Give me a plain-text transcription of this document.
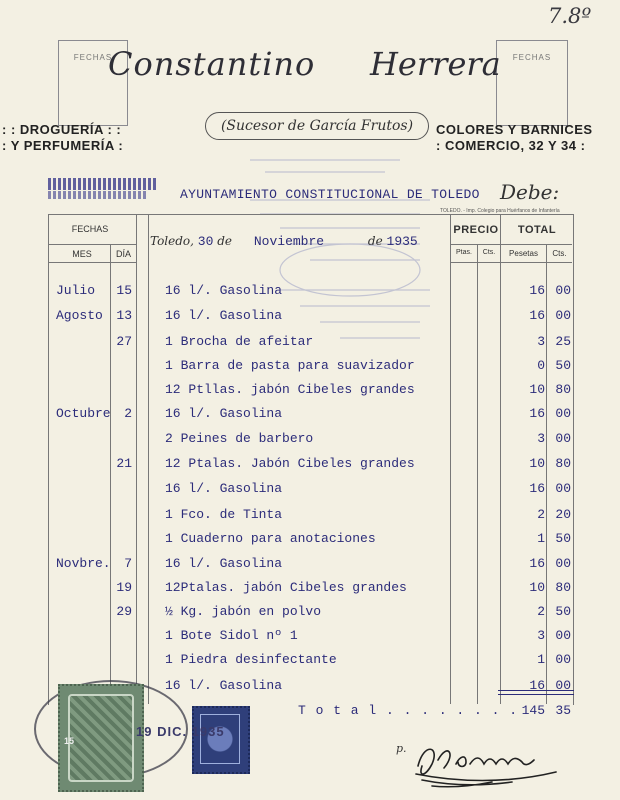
7.8º
FECHAS	FECHAS
Constantino Herrera
(Sucesor de García Frutos)
: : DROGUERÍA : :
: Y PERFUMERÍA :
COLORES Y BARNICES
: COMERCIO, 32 Y 34 :
AYUNTAMIENTO CONSTITUCIONAL DE TOLEDO Debe:
TOLEDO. - Imp. Colegio para Huérfanos de Infantería
FECHAS
MES	DÍA
PRECIO	TOTAL
Ptas.	Cts.	Pesetas	Cts.
Toledo, 30 de Noviembre	de 1935
Julio 15	16 l/. Gasolina	16 00
Agosto 13	16 l/. Gasolina	16 00
27	1 Brocha de afeitar	3 25
1 Barra de pasta para suavizador	0 50
12 Ptllas. jabón Cibeles grandes	10 80
Octubre	2	16 l/. Gasolina	16 00
2 Peines de barbero	3 00
21	12 Ptalas. Jabón Cibeles grandes	10 80
16 l/. Gasolina	16 00
1 Fco. de Tinta	2 20
1 Cuaderno para anotaciones	1 50
Novbre.	7	16 l/. Gasolina	16 00
19	12Ptalas. jabón Cibeles grandes	10 80
29	½ Kg. jabón en polvo	2 50
1 Bote Sidol nº 1	3 00
1 Piedra desinfectante	1 00
16 l/. Gasolina	16 00
T o t a l . . . . . . . . 145 35
15
19 DIC. 1935
p.
